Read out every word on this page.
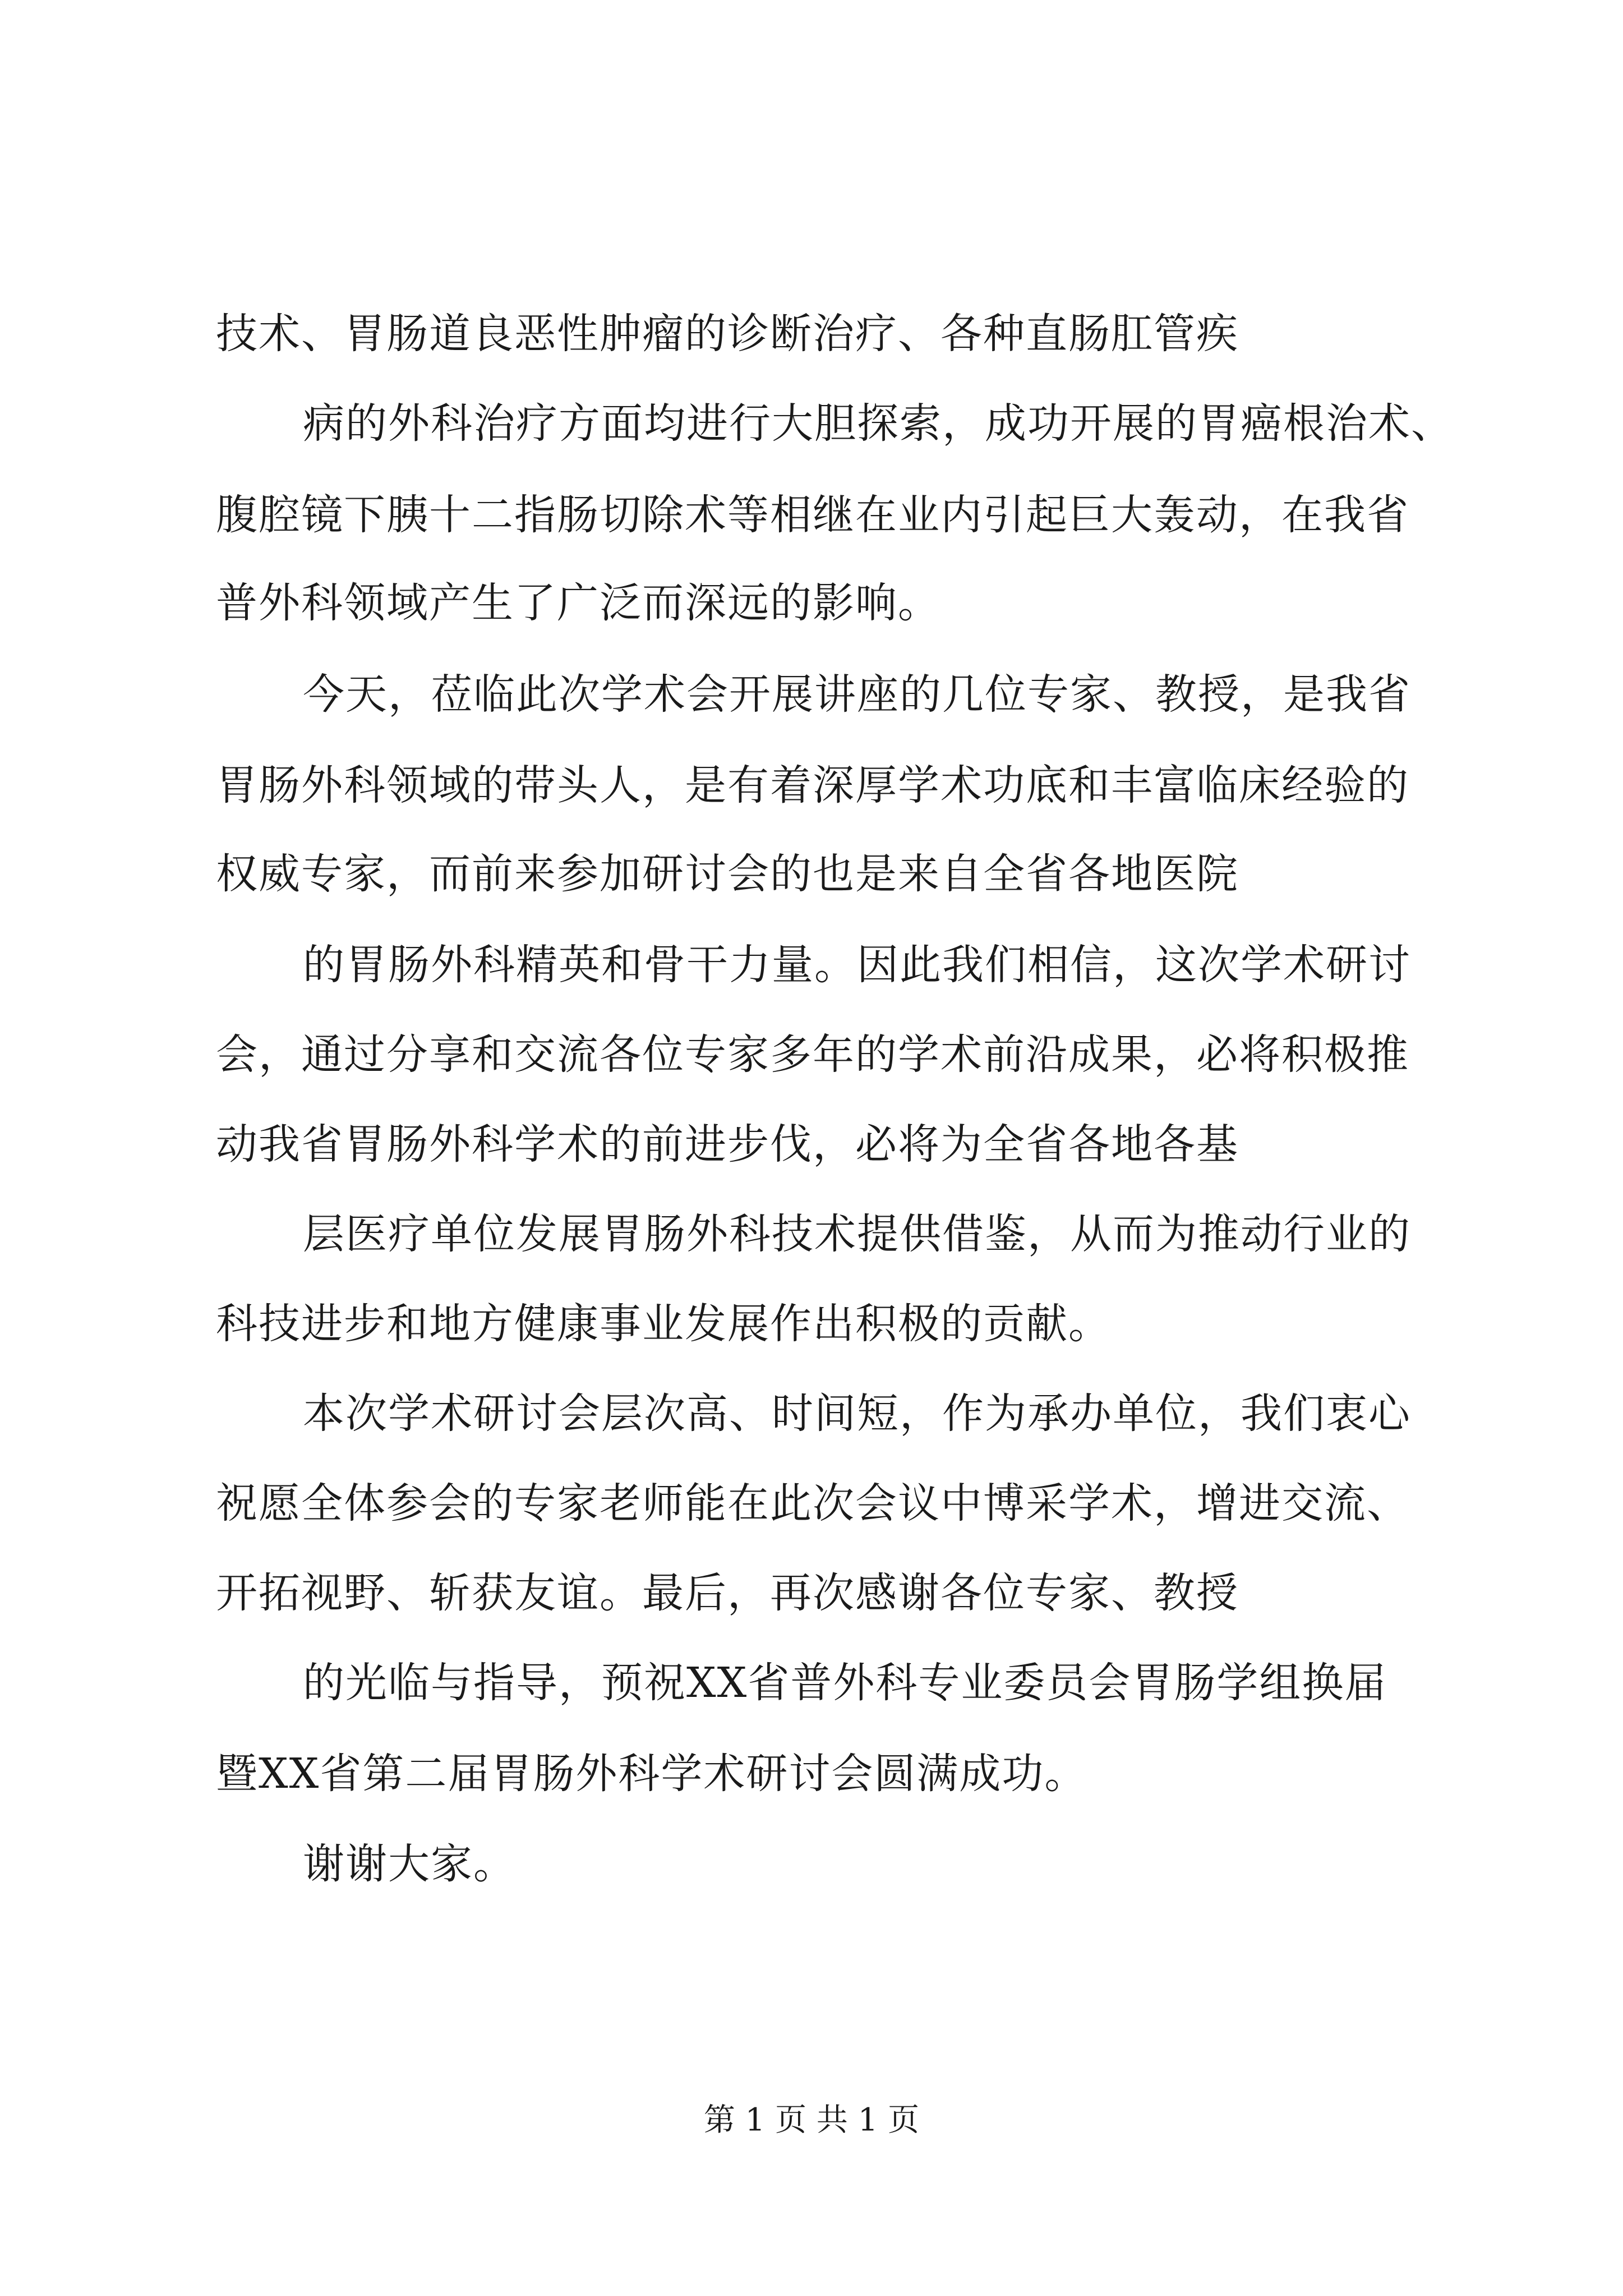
技术、胃肠道良恶性肿瘤的诊断治疗、各种直肠肛管疾
病的外科治疗方面均进行大胆探索，成功开展的胃癌根治术、
腹腔镜下胰十二指肠切除术等相继在业内引起巨大轰动，在我省
普外科领域产生了广泛而深远的影响。
今天，莅临此次学术会开展讲座的几位专家、教授，是我省
胃肠外科领域的带头人，是有着深厚学术功底和丰富临床经验的
权威专家，而前来参加研讨会的也是来自全省各地医院
的胃肠外科精英和骨干力量。因此我们相信，这次学术研讨
会，通过分享和交流各位专家多年的学术前沿成果，必将积极推
动我省胃肠外科学术的前进步伐，必将为全省各地各基
层医疗单位发展胃肠外科技术提供借鉴，从而为推动行业的
科技进步和地方健康事业发展作出积极的贡献。
本次学术研讨会层次高、时间短，作为承办单位，我们衷心
祝愿全体参会的专家老师能在此次会议中博采学术，增进交流、
开拓视野、斩获友谊。最后，再次感谢各位专家、教授
的光临与指导，预祝XX省普外科专业委员会胃肠学组换届
暨XX省第二届胃肠外科学术研讨会圆满成功。
谢谢大家。
第 1 页 共 1 页
